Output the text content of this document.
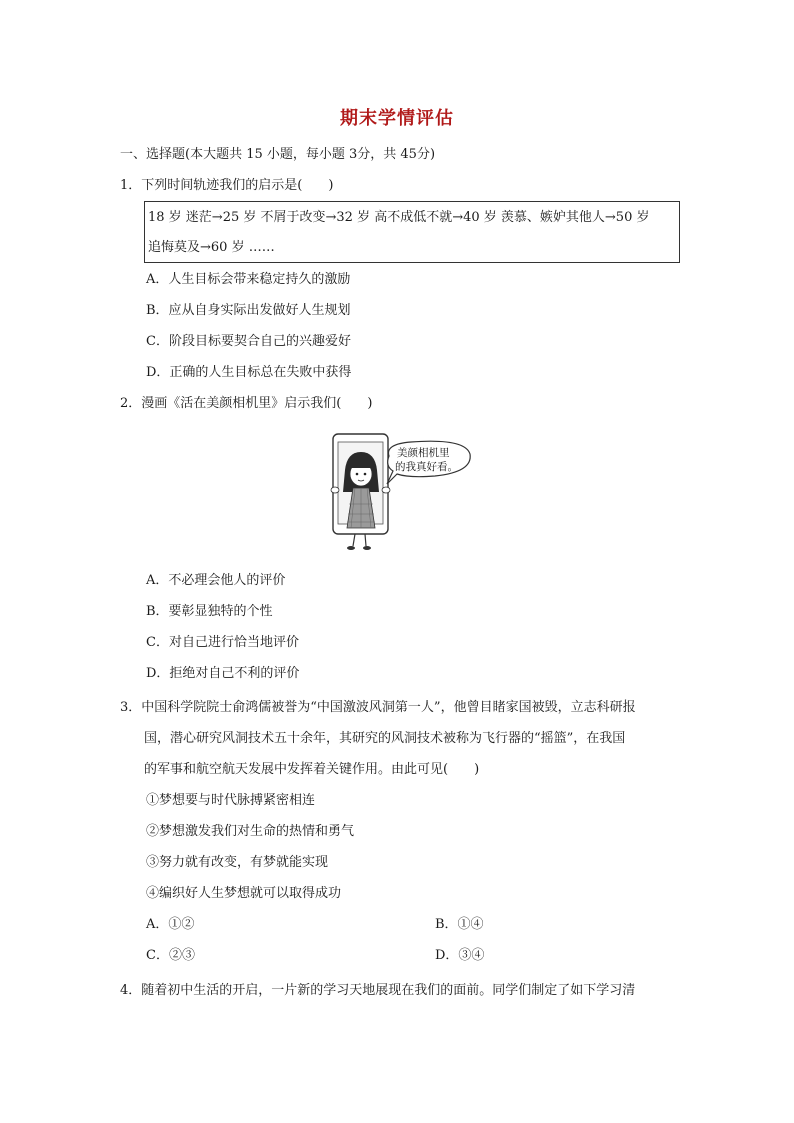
期末学情评估
一、选择题(本大题共 15 小题，每小题 3分，共 45分)
1．下列时间轨迹我们的启示是(　　)
18 岁 迷茫→25 岁 不屑于改变→32 岁 高不成低不就→40 岁 羡慕、嫉妒其他人→50 岁
追悔莫及→60 岁 ……
A．人生目标会带来稳定持久的激励
B．应从自身实际出发做好人生规划
C．阶段目标要契合自己的兴趣爱好
D．正确的人生目标总在失败中获得
2．漫画《活在美颜相机里》启示我们(　　)
美颜相机里
的我真好看。
A．不必理会他人的评价
B．要彰显独特的个性
C．对自己进行恰当地评价
D．拒绝对自己不利的评价
3．中国科学院院士俞鸿儒被誉为“中国激波风洞第一人”，他曾目睹家国被毁，立志科研报
国，潜心研究风洞技术五十余年，其研究的风洞技术被称为飞行器的“摇篮”，在我国
的军事和航空航天发展中发挥着关键作用。由此可见(　　)
①梦想要与时代脉搏紧密相连
②梦想激发我们对生命的热情和勇气
③努力就有改变，有梦就能实现
④编织好人生梦想就可以取得成功
A．①②	B．①④
C．②③	D．③④
4．随着初中生活的开启，一片新的学习天地展现在我们的面前。同学们制定了如下学习清
